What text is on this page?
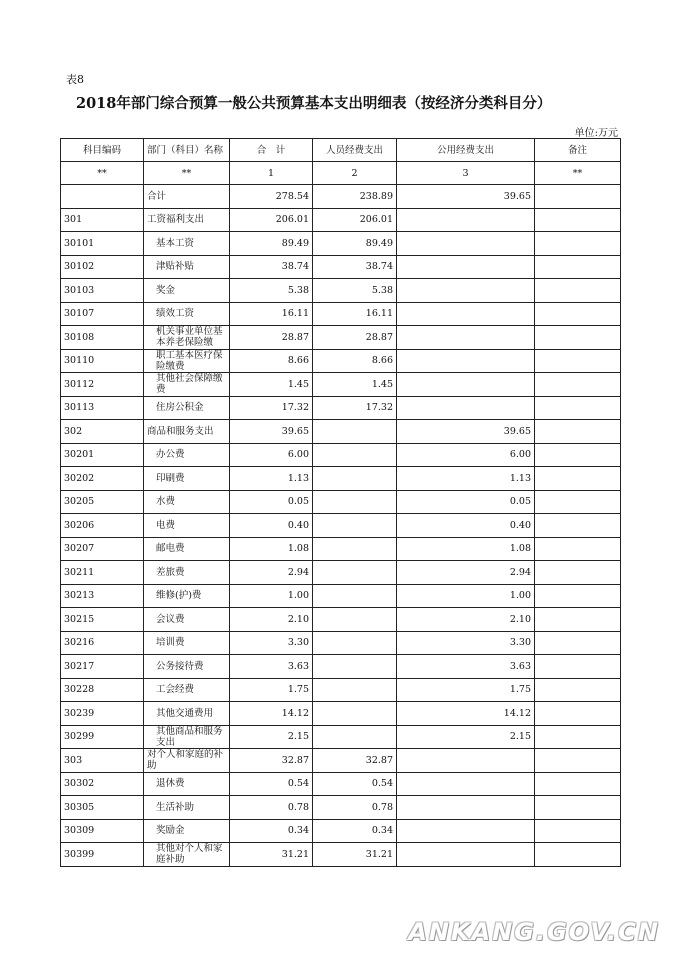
表8
2018年部门综合预算一般公共预算基本支出明细表（按经济分类科目分）
单位:万元
科目编码	部门（科目）名称	合　计	人员经费支出	公用经费支出	备注
**	**	1	2	3	**
	合计	278.54	238.89	39.65	
301	工资福利支出	206.01	206.01		
30101	基本工资	89.49	89.49		
30102	津贴补贴	38.74	38.74		
30103	奖金	5.38	5.38		
30107	绩效工资	16.11	16.11		
30108	机关事业单位基本养老保险缴	28.87	28.87		
30110	职工基本医疗保险缴费	8.66	8.66		
30112	其他社会保障缴费	1.45	1.45		
30113	住房公积金	17.32	17.32		
302	商品和服务支出	39.65		39.65	
30201	办公费	6.00		6.00	
30202	印刷费	1.13		1.13	
30205	水费	0.05		0.05	
30206	电费	0.40		0.40	
30207	邮电费	1.08		1.08	
30211	差旅费	2.94		2.94	
30213	维修(护)费	1.00		1.00	
30215	会议费	2.10		2.10	
30216	培训费	3.30		3.30	
30217	公务接待费	3.63		3.63	
30228	工会经费	1.75		1.75	
30239	其他交通费用	14.12		14.12	
30299	其他商品和服务支出	2.15		2.15	
303	对个人和家庭的补助	32.87	32.87		
30302	退休费	0.54	0.54		
30305	生活补助	0.78	0.78		
30309	奖励金	0.34	0.34		
30399	其他对个人和家庭补助	31.21	31.21		
ANKANG.GOV.CN
